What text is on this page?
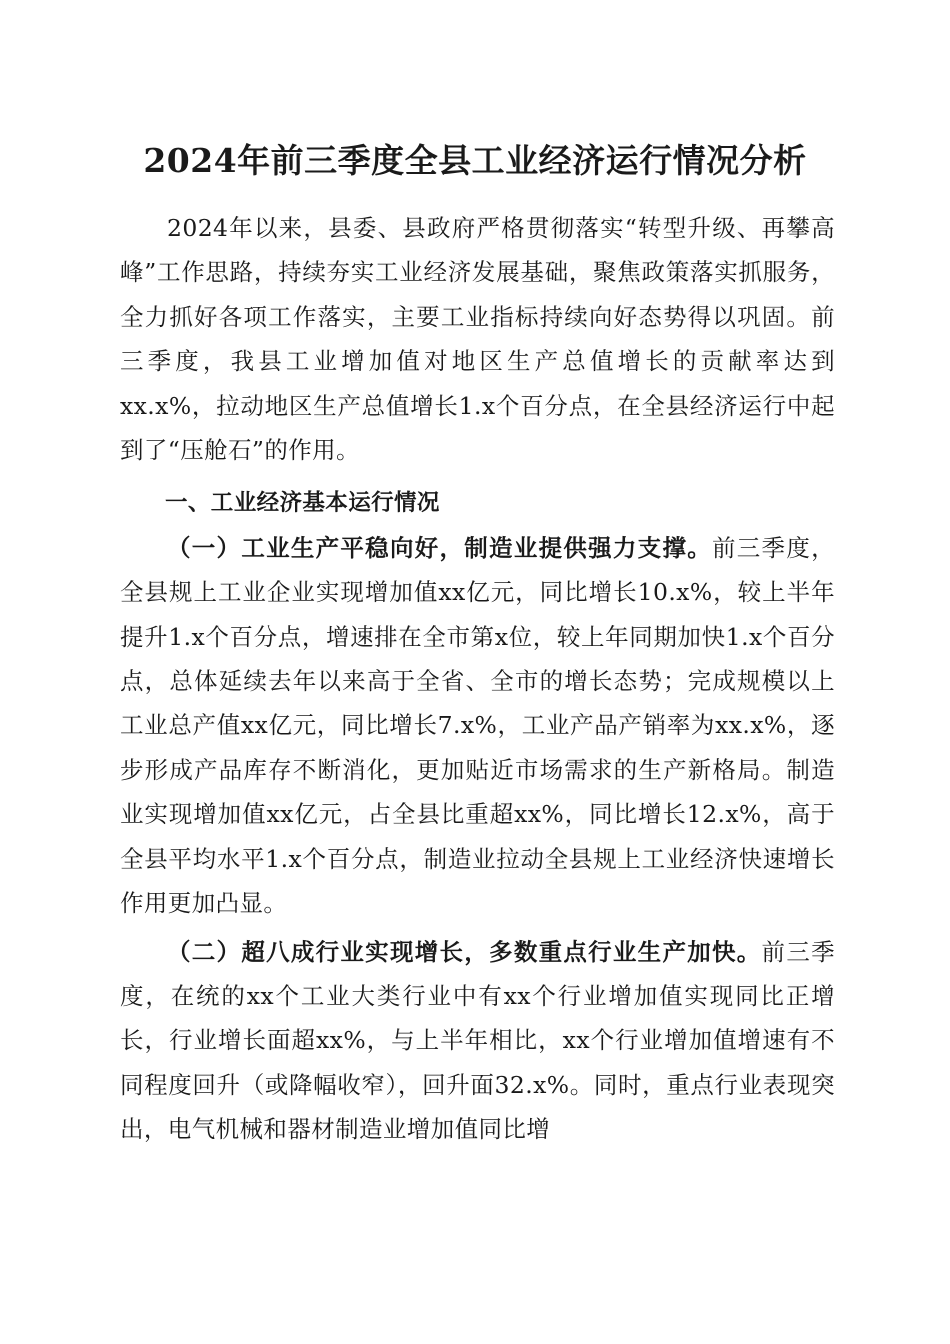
2024年前三季度全县工业经济运行情况分析

2024年以来，县委、县政府严格贯彻落实“转型升级、再攀高峰”工作思路，持续夯实工业经济发展基础，聚焦政策落实抓服务，全力抓好各项工作落实，主要工业指标持续向好态势得以巩固。前三季度，我县工业增加值对地区生产总值增长的贡献率达到xx.x%，拉动地区生产总值增长1.x个百分点，在全县经济运行中起到了“压舱石”的作用。

一、工业经济基本运行情况

（一）工业生产平稳向好，制造业提供强力支撑。前三季度，全县规上工业企业实现增加值xx亿元，同比增长10.x%，较上半年提升1.x个百分点，增速排在全市第x位，较上年同期加快1.x个百分点，总体延续去年以来高于全省、全市的增长态势；完成规模以上工业总产值xx亿元，同比增长7.x%，工业产品产销率为xx.x%，逐步形成产品库存不断消化，更加贴近市场需求的生产新格局。制造业实现增加值xx亿元，占全县比重超xx%，同比增长12.x%，高于全县平均水平1.x个百分点，制造业拉动全县规上工业经济快速增长作用更加凸显。

（二）超八成行业实现增长，多数重点行业生产加快。前三季度，在统的xx个工业大类行业中有xx个行业增加值实现同比正增长，行业增长面超xx%，与上半年相比，xx个行业增加值增速有不同程度回升（或降幅收窄），回升面32.x%。同时，重点行业表现突出，电气机械和器材制造业增加值同比增
